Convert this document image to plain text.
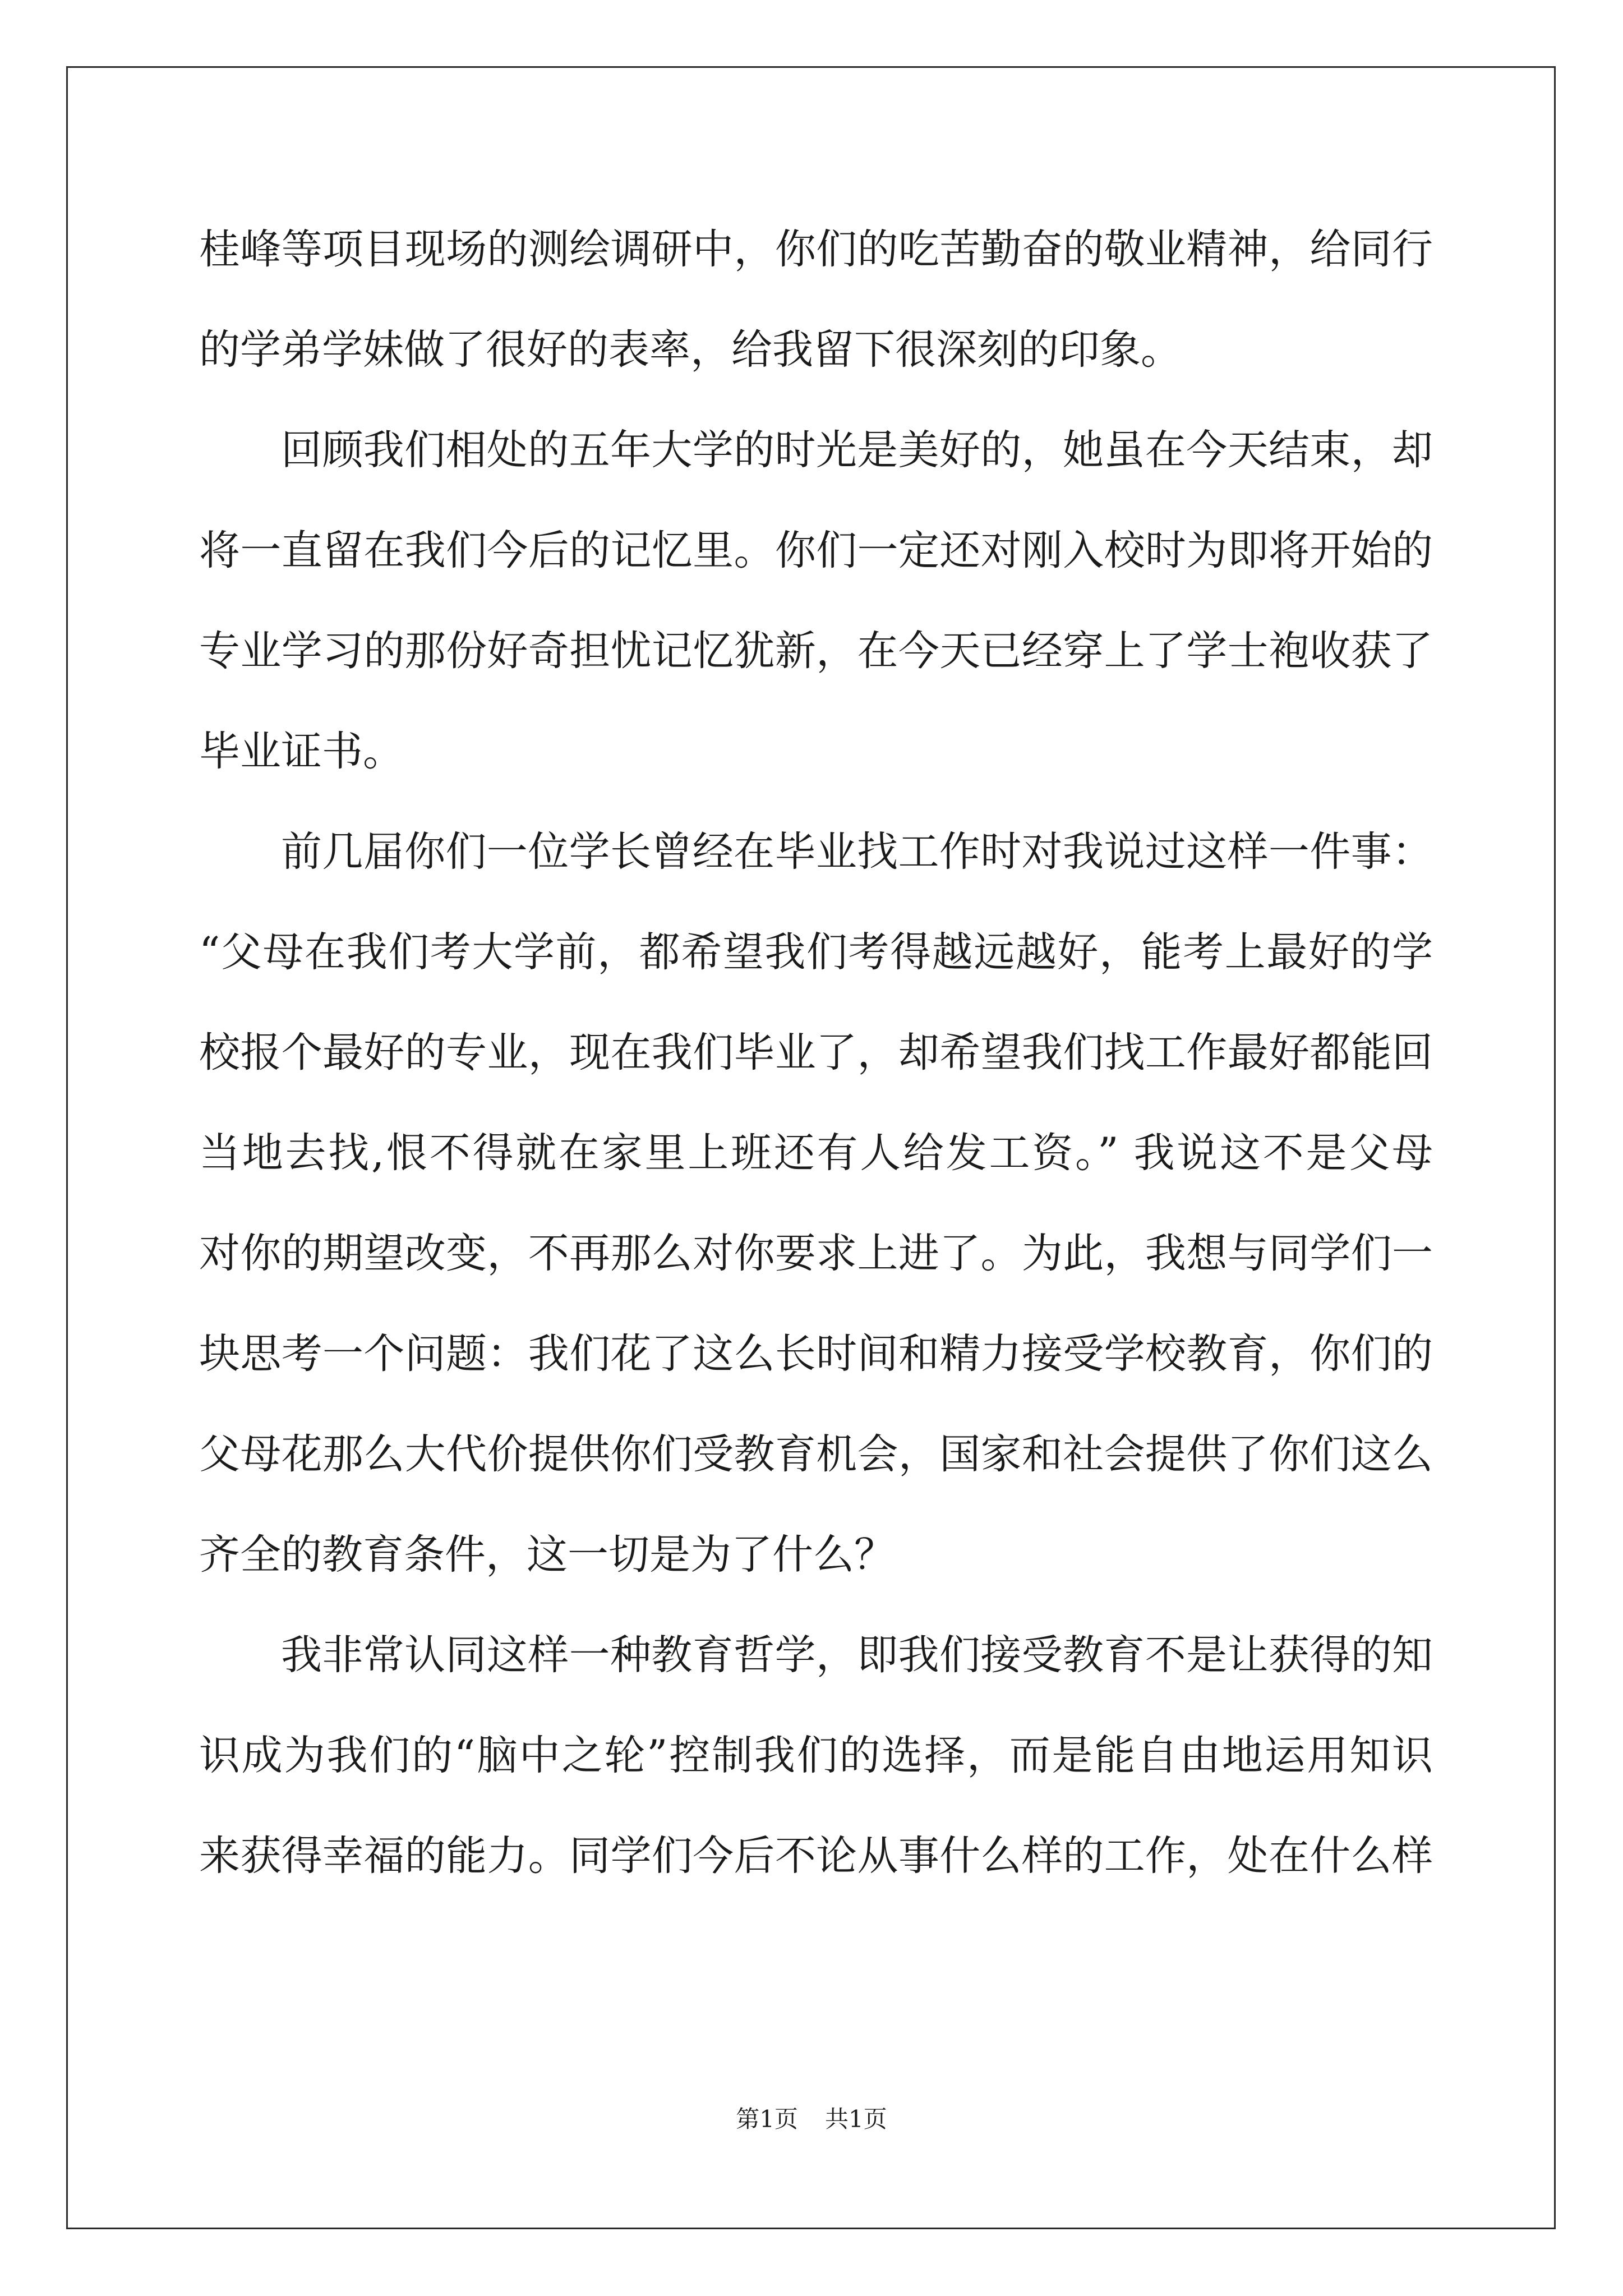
桂峰等项目现场的测绘调研中，你们的吃苦勤奋的敬业精神，给同行
的学弟学妹做了很好的表率，给我留下很深刻的印象。
回顾我们相处的五年大学的时光是美好的，她虽在今天结束，却
将一直留在我们今后的记忆里。你们一定还对刚入校时为即将开始的
专业学习的那份好奇担忧记忆犹新，在今天已经穿上了学士袍收获了
毕业证书。
前几届你们一位学长曾经在毕业找工作时对我说过这样一件事：
“父母在我们考大学前，都希望我们考得越远越好，能考上最好的学
校报个最好的专业，现在我们毕业了，却希望我们找工作最好都能回
当地去找,恨不得就在家里上班还有人给发工资。” 我说这不是父母
对你的期望改变，不再那么对你要求上进了。为此，我想与同学们一
块思考一个问题：我们花了这么长时间和精力接受学校教育，你们的
父母花那么大代价提供你们受教育机会，国家和社会提供了你们这么
齐全的教育条件，这一切是为了什么？
我非常认同这样一种教育哲学，即我们接受教育不是让获得的知
识成为我们的“脑中之轮”控制我们的选择，而是能自由地运用知识
来获得幸福的能力。同学们今后不论从事什么样的工作，处在什么样
第1页 共1页
